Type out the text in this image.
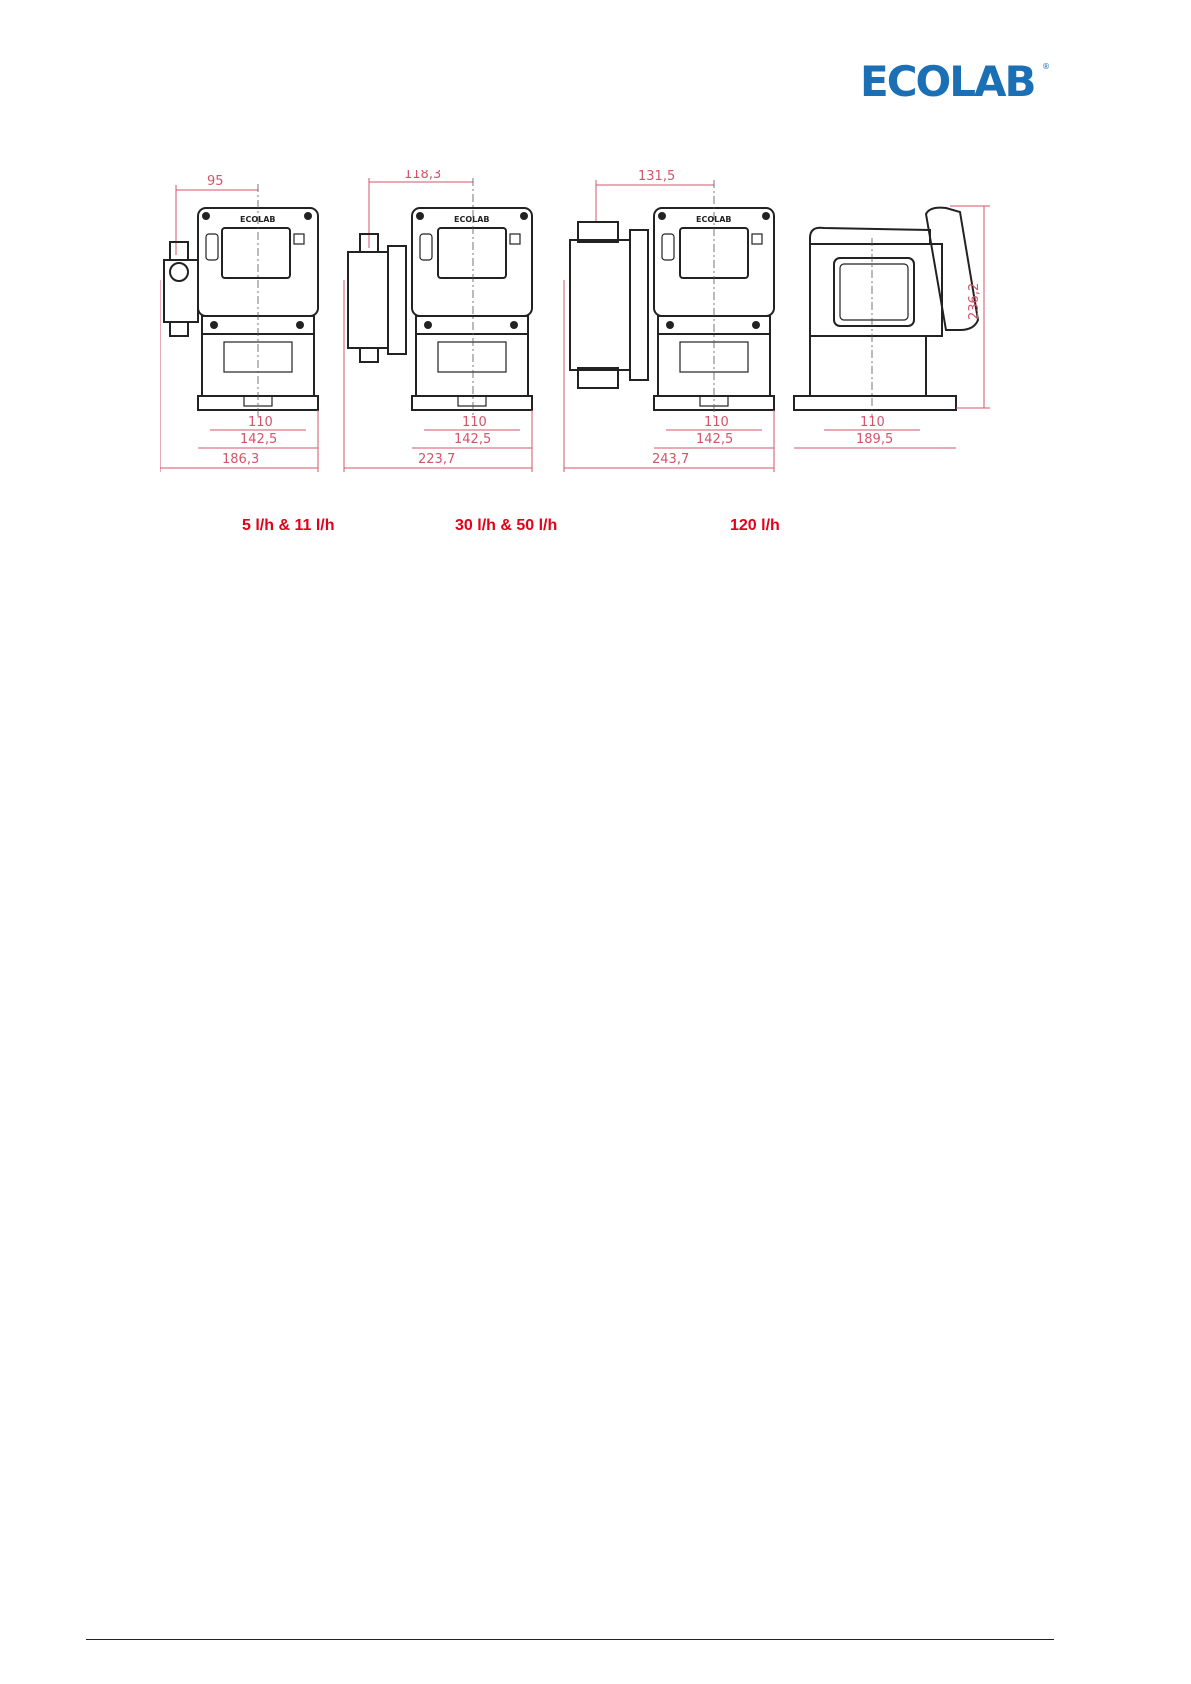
ECOLAB ®
95
ECOLAB
110
142,5
186,3
118,3
ECOLAB
110
142,5
223,7
131,5
ECOLAB
110
142,5
243,7
236,2
110
189,5
5 l/h & 11 l/h	30 l/h & 50 l/h	120 l/h
